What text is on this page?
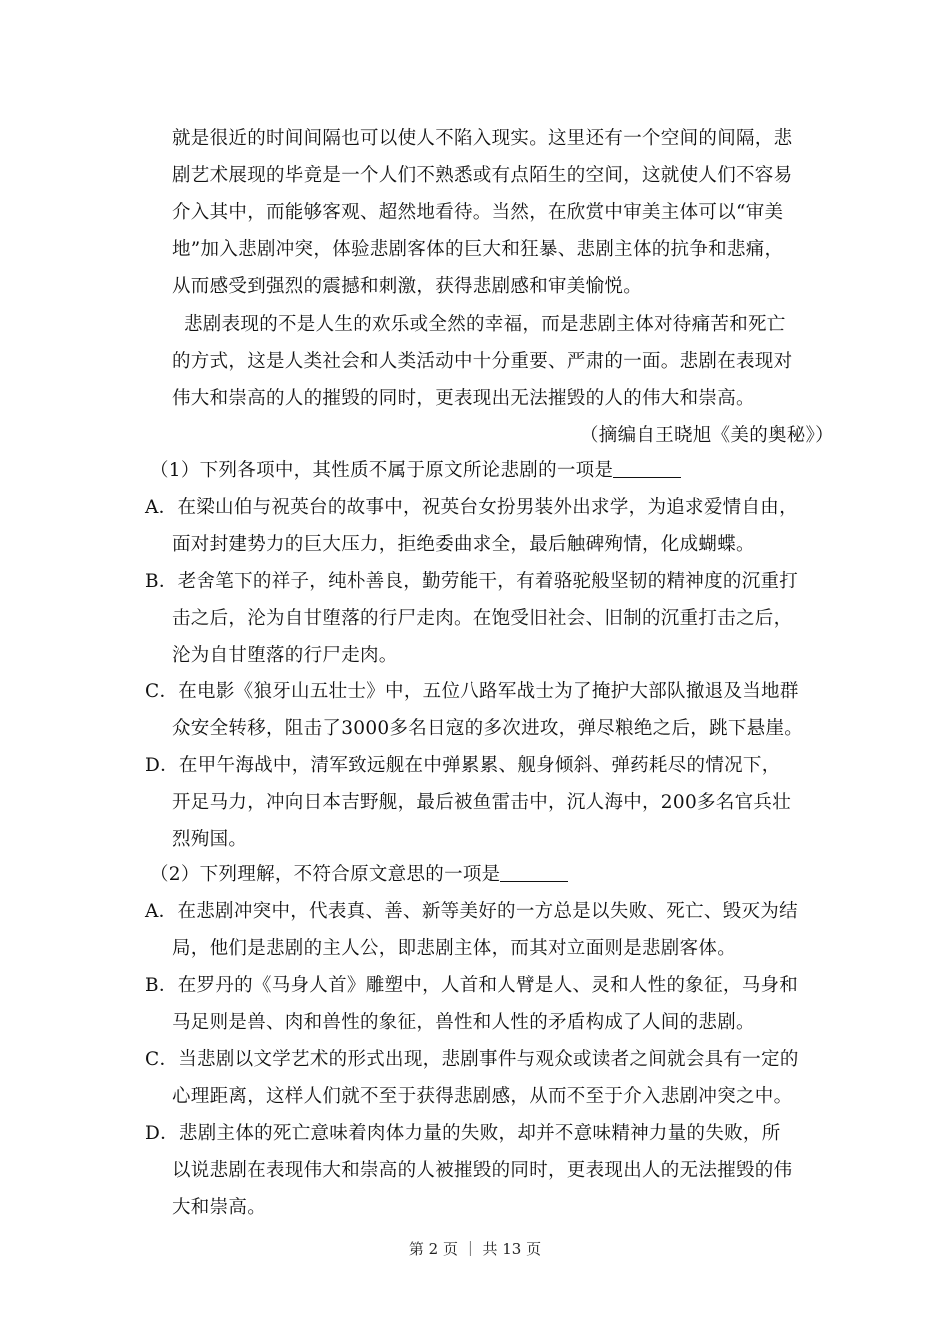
就是很近的时间间隔也可以使人不陷入现实。这里还有一个空间的间隔，悲
剧艺术展现的毕竟是一个人们不熟悉或有点陌生的空间，这就使人们不容易
介入其中，而能够客观、超然地看待。当然，在欣赏中审美主体可以“审美
地”加入悲剧冲突，体验悲剧客体的巨大和狂暴、悲剧主体的抗争和悲痛，
从而感受到强烈的震撼和刺激，获得悲剧感和审美愉悦。
悲剧表现的不是人生的欢乐或全然的幸福，而是悲剧主体对待痛苦和死亡
的方式，这是人类社会和人类活动中十分重要、严肃的一面。悲剧在表现对
伟大和崇高的人的摧毁的同时，更表现出无法摧毁的人的伟大和崇高。
（摘编自王晓旭《美的奥秘》）
（1）下列各项中，其性质不属于原文所论悲剧的一项是
A．在梁山伯与祝英台的故事中，祝英台女扮男装外出求学，为追求爱情自由，
面对封建势力的巨大压力，拒绝委曲求全，最后触碑殉情，化成蝴蝶。
B．老舍笔下的祥子，纯朴善良，勤劳能干，有着骆驼般坚韧的精神度的沉重打
击之后，沦为自甘堕落的行尸走肉。在饱受旧社会、旧制的沉重打击之后，
沦为自甘堕落的行尸走肉。
C．在电影《狼牙山五壮士》中，五位八路军战士为了掩护大部队撤退及当地群
众安全转移，阻击了3000多名日寇的多次进攻，弹尽粮绝之后，跳下悬崖。
D．在甲午海战中，清军致远舰在中弹累累、舰身倾斜、弹药耗尽的情况下，
开足马力，冲向日本吉野舰，最后被鱼雷击中，沉人海中，200多名官兵壮
烈殉国。
（2）下列理解，不符合原文意思的一项是
A．在悲剧冲突中，代表真、善、新等美好的一方总是以失败、死亡、毁灭为结
局，他们是悲剧的主人公，即悲剧主体，而其对立面则是悲剧客体。
B．在罗丹的《马身人首》雕塑中，人首和人臂是人、灵和人性的象征，马身和
马足则是兽、肉和兽性的象征，兽性和人性的矛盾构成了人间的悲剧。
C．当悲剧以文学艺术的形式出现，悲剧事件与观众或读者之间就会具有一定的
心理距离，这样人们就不至于获得悲剧感，从而不至于介入悲剧冲突之中。
D．悲剧主体的死亡意味着肉体力量的失败，却并不意味精神力量的失败，所
以说悲剧在表现伟大和崇高的人被摧毁的同时，更表现出人的无法摧毁的伟
大和崇高。
第 2 页 ｜ 共 13 页
